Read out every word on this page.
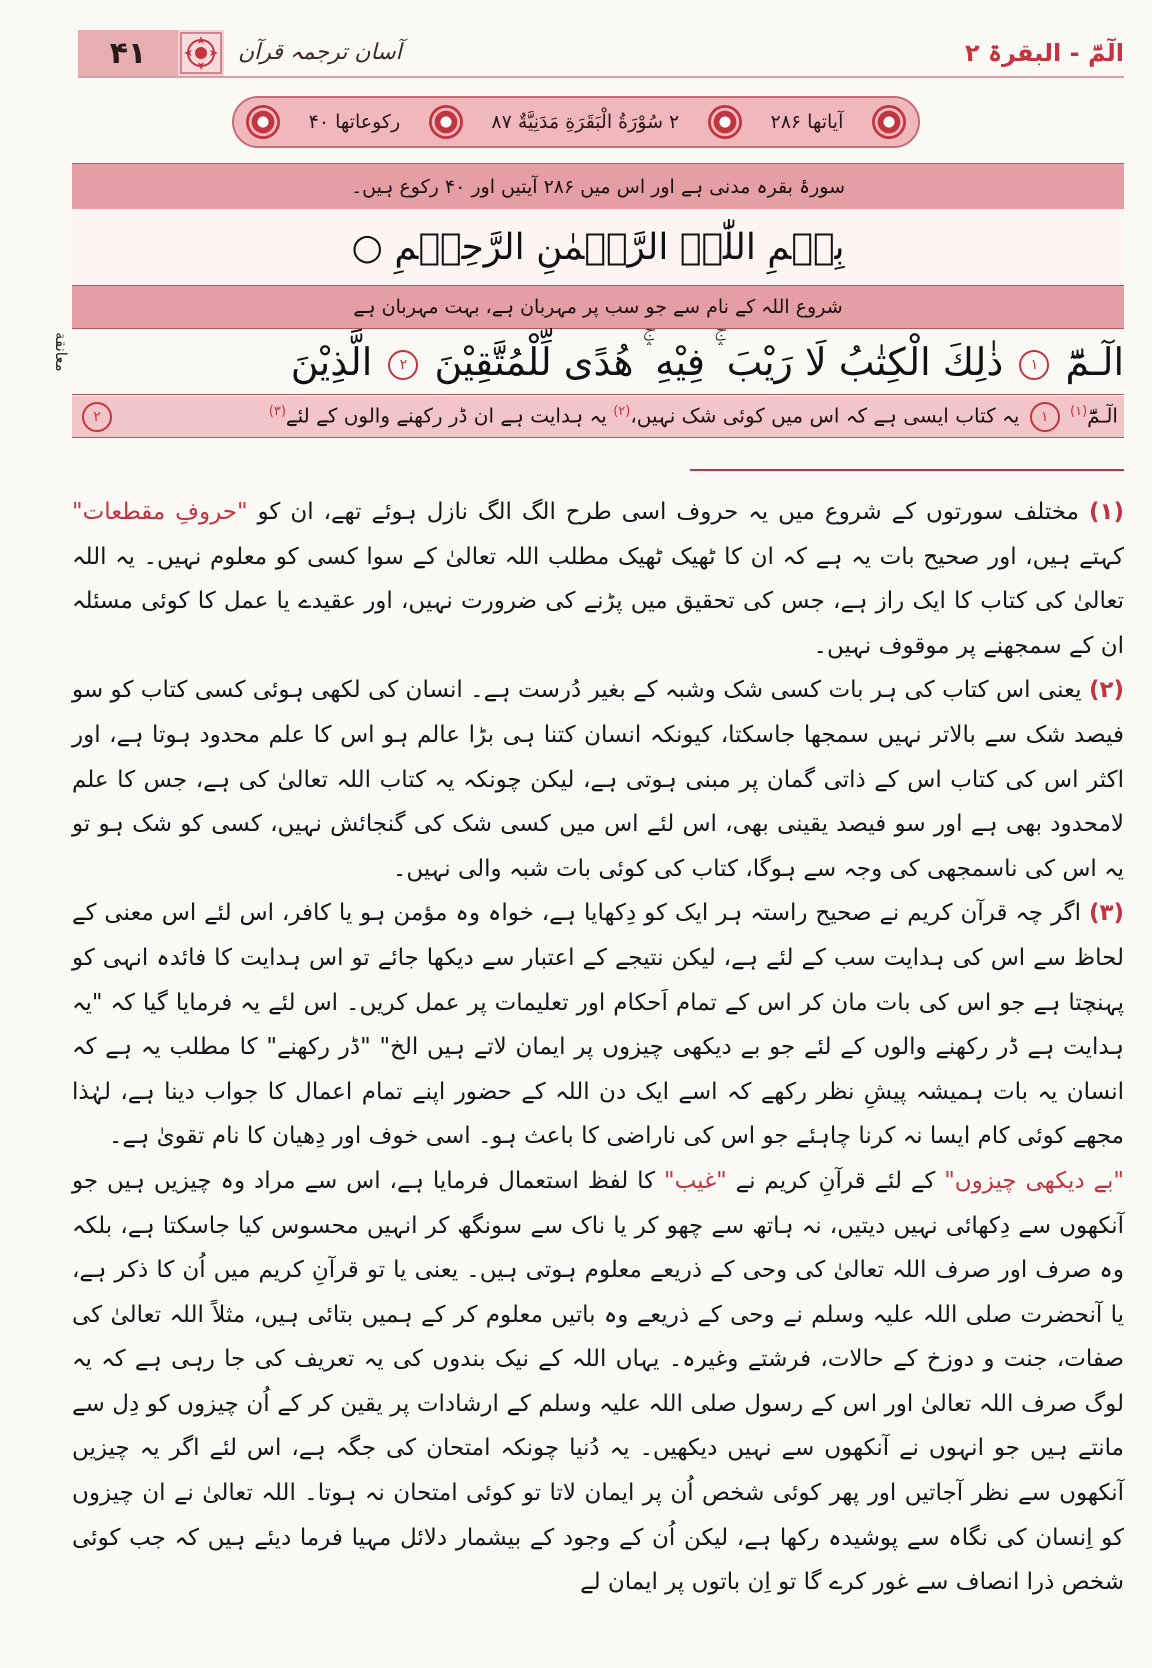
۴۱	آسان ترجمہ قرآن	الٓمّٓ - البقرۃ ۲
آیاتها ۲۸۶
۲ سُوْرَةُ الْبَقَرَةِ مَدَنِيَّةٌ ۸۷
رکوعاتها ۴۰
سورۂ بقرہ مدنی ہے اور اس میں ۲۸۶ آیتیں اور ۴۰ رکوع ہیں۔
بِسۡمِ اللّٰہِ الرَّحۡمٰنِ الرَّحِیۡمِ ○
شروع اللہ کے نام سے جو سب پر مہربان ہے، بہت مہربان ہے
معانقة	الٓـمّٓ ١ ذٰلِكَ الْكِتٰبُ لَا رَيْبَ ۛۚ فِيْهِ ۛۚ هُدًى لِّلْمُتَّقِيْنَ ٢ الَّذِيْنَ
الٓـمّٓ$^{(۱)}$ ١ یہ کتاب ایسی ہے کہ اس میں کوئی شک نہیں،$^{(۲)}$ یہ ہدایت ہے ان ڈر رکھنے والوں کے لئے$^{(۳)}$
٢

(۱) مختلف سورتوں کے شروع میں یہ حروف اسی طرح الگ الگ نازل ہوئے تھے، ان کو "حروفِ مقطعات" کہتے ہیں، اور صحیح بات یہ ہے کہ ان کا ٹھیک ٹھیک مطلب اللہ تعالیٰ کے سوا کسی کو معلوم نہیں۔ یہ اللہ تعالیٰ کی کتاب کا ایک راز ہے، جس کی تحقیق میں پڑنے کی ضرورت نہیں، اور عقیدے یا عمل کا کوئی مسئلہ ان کے سمجھنے پر موقوف نہیں۔

(۲) یعنی اس کتاب کی ہر بات کسی شک وشبہ کے بغیر دُرست ہے۔ انسان کی لکھی ہوئی کسی کتاب کو سو فیصد شک سے بالاتر نہیں سمجھا جاسکتا، کیونکہ انسان کتنا ہی بڑا عالم ہو اس کا علم محدود ہوتا ہے، اور اکثر اس کی کتاب اس کے ذاتی گمان پر مبنی ہوتی ہے، لیکن چونکہ یہ کتاب اللہ تعالیٰ کی ہے، جس کا علم لامحدود بھی ہے اور سو فیصد یقینی بھی، اس لئے اس میں کسی شک کی گنجائش نہیں، کسی کو شک ہو تو یہ اس کی ناسمجھی کی وجہ سے ہوگا، کتاب کی کوئی بات شبہ والی نہیں۔

(۳) اگر چہ قرآن کریم نے صحیح راستہ ہر ایک کو دِکھایا ہے، خواہ وہ مؤمن ہو یا کافر، اس لئے اس معنی کے لحاظ سے اس کی ہدایت سب کے لئے ہے، لیکن نتیجے کے اعتبار سے دیکھا جائے تو اس ہدایت کا فائدہ انہی کو پہنچتا ہے جو اس کی بات مان کر اس کے تمام اَحکام اور تعلیمات پر عمل کریں۔ اس لئے یہ فرمایا گیا کہ "یہ ہدایت ہے ڈر رکھنے والوں کے لئے جو بے دیکھی چیزوں پر ایمان لاتے ہیں الخ" "ڈر رکھنے" کا مطلب یہ ہے کہ انسان یہ بات ہمیشہ پیشِ نظر رکھے کہ اسے ایک دن اللہ کے حضور اپنے تمام اعمال کا جواب دینا ہے، لہٰذا مجھے کوئی کام ایسا نہ کرنا چاہئے جو اس کی ناراضی کا باعث ہو۔ اسی خوف اور دِھیان کا نام تقویٰ ہے۔

"بے دیکھی چیزوں" کے لئے قرآنِ کریم نے "غیب" کا لفظ استعمال فرمایا ہے، اس سے مراد وہ چیزیں ہیں جو آنکھوں سے دِکھائی نہیں دیتیں، نہ ہاتھ سے چھو کر یا ناک سے سونگھ کر انہیں محسوس کیا جاسکتا ہے، بلکہ وہ صرف اور صرف اللہ تعالیٰ کی وحی کے ذریعے معلوم ہوتی ہیں۔ یعنی یا تو قرآنِ کریم میں اُن کا ذکر ہے، یا آنحضرت صلی اللہ علیہ وسلم نے وحی کے ذریعے وہ باتیں معلوم کر کے ہمیں بتائی ہیں، مثلاً اللہ تعالیٰ کی صفات، جنت و دوزخ کے حالات، فرشتے وغیرہ۔ یہاں اللہ کے نیک بندوں کی یہ تعریف کی جا رہی ہے کہ یہ لوگ صرف اللہ تعالیٰ اور اس کے رسول صلی اللہ علیہ وسلم کے ارشادات پر یقین کر کے اُن چیزوں کو دِل سے مانتے ہیں جو انہوں نے آنکھوں سے نہیں دیکھیں۔ یہ دُنیا چونکہ امتحان کی جگہ ہے، اس لئے اگر یہ چیزیں آنکھوں سے نظر آجاتیں اور پھر کوئی شخص اُن پر ایمان لاتا تو کوئی امتحان نہ ہوتا۔ اللہ تعالیٰ نے ان چیزوں کو اِنسان کی نگاہ سے پوشیدہ رکھا ہے، لیکن اُن کے وجود کے بیشمار دلائل مہیا فرما دیئے ہیں کہ جب کوئی شخص ذرا انصاف سے غور کرے گا تو اِن باتوں پر ایمان لے
